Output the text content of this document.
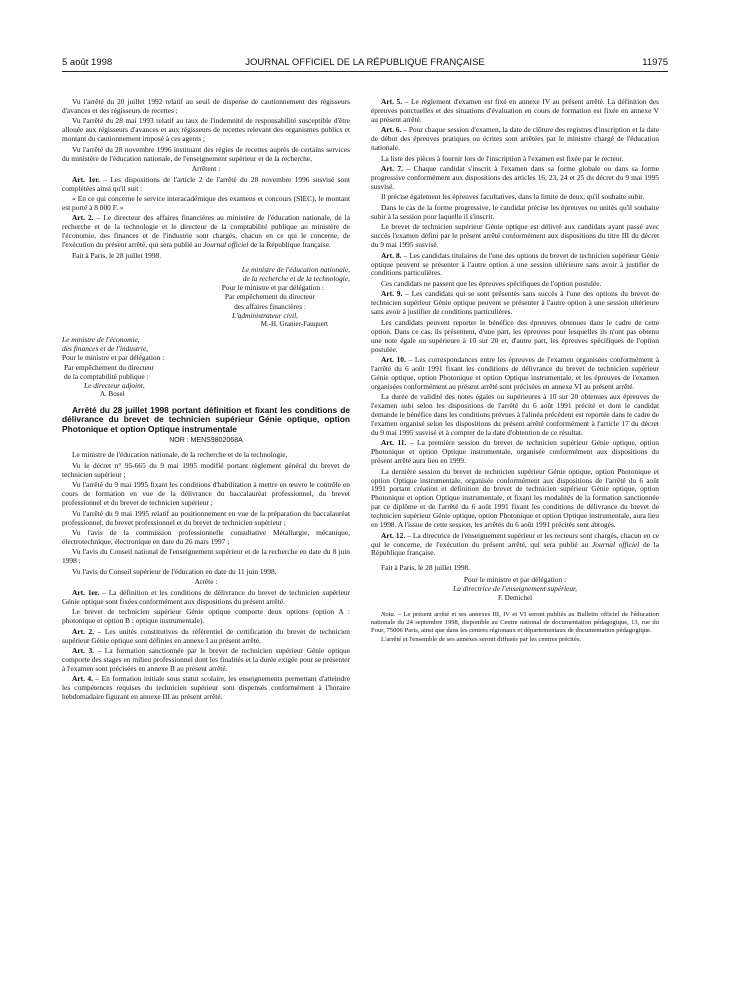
5 août 1998	JOURNAL OFFICIEL DE LA RÉPUBLIQUE FRANÇAISE	11975

Vu l'arrêté du 20 juillet 1992 relatif au seuil de dispense de cautionnement des régisseurs d'avances et des régisseurs de recettes ;

Vu l'arrêté du 28 mai 1993 relatif au taux de l'indemnité de responsabilité susceptible d'être allouée aux régisseurs d'avances et aux régisseurs de recettes relevant des organismes publics et montant du cautionnement imposé à ces agents ;

Vu l'arrêté du 28 novembre 1996 instituant des régies de recettes auprès de certains services du ministère de l'éducation nationale, de l'enseignement supérieur et de la recherche,

Arrêtent :

Art. 1er. – Les dispositions de l'article 2 de l'arrêté du 28 novembre 1996 susvisé sont complétées ainsi qu'il suit :

« En ce qui concerne le service interacadémique des examens et concours (SIEC), le montant est porté à 8 000 F. »

Art. 2. – Le directeur des affaires financières au ministère de l'éducation nationale, de la recherche et de la technologie et le directeur de la comptabilité publique au ministère de l'économie, des finances et de l'industrie sont chargés, chacun en ce qui le concerne, de l'exécution du présent arrêté, qui sera publié au Journal officiel de la République française.

Fait à Paris, le 28 juillet 1998.

Le ministre de l'éducation nationale,
de la recherche et de la technologie,
Pour le ministre et par délégation :
Par empêchement du directeur
des affaires financières :
L'administrateur civil,
M.-H. Granier-Fauquert
Le ministre de l'économie,
des finances et de l'industrie,
Pour le ministre et par délégation :
Par empêchement du directeur
de la comptabilité publique :
Le directeur adjoint,
A. Bosel

Arrêté du 28 juillet 1998 portant définition et fixant les conditions de délivrance du brevet de technicien supérieur Génie optique, option Photonique et option Optique instrumentale

NOR : MENS9802068A

Le ministre de l'éducation nationale, de la recherche et de la technologie,

Vu le décret n° 95-665 du 9 mai 1995 modifié portant règlement général du brevet de technicien supérieur ;

Vu l'arrêté du 9 mai 1995 fixant les conditions d'habilitation à mettre en œuvre le contrôle en cours de formation en vue de la délivrance du baccalauréat professionnel, du brevet professionnel et du brevet de technicien supérieur ;

Vu l'arrêté du 9 mai 1995 relatif au positionnement en vue de la préparation du baccalauréat professionnel, du brevet professionnel et du brevet de technicien supérieur ;

Vu l'avis de la commission professionnelle consultative Métallurgie, mécanique, électrotechnique, électronique en date du 26 mars 1997 ;

Vu l'avis du Conseil national de l'enseignement supérieur et de la recherche en date du 8 juin 1998 ;

Vu l'avis du Conseil supérieur de l'éducation en date du 11 juin 1998,

Arrête :

Art. 1er. – La définition et les conditions de délivrance du brevet de technicien supérieur Génie optique sont fixées conformément aux dispositions du présent arrêté.

Le brevet de technicien supérieur Génie optique comporte deux options (option A : photonique et option B : optique instrumentale).

Art. 2. – Les unités constitutives du référentiel de certification du brevet de technicien supérieur Génie optique sont définies en annexe I au présent arrêté.

Art. 3. – La formation sanctionnée par le brevet de technicien supérieur Génie optique comporte des stages en milieu professionnel dont les finalités et la durée exigée pour se présenter à l'examen sont précisées en annexe II au présent arrêté.

Art. 4. – En formation initiale sous statut scolaire, les enseignements permettant d'atteindre les compétences requises du technicien supérieur sont dispensés conformément à l'horaire hebdomadaire figurant en annexe III au présent arrêté.

Art. 5. – Le règlement d'examen est fixé en annexe IV au présent arrêté. La définition des épreuves ponctuelles et des situations d'évaluation en cours de formation est fixée en annexe V au présent arrêté.

Art. 6. – Pour chaque session d'examen, la date de clôture des registres d'inscription et la date de début des épreuves pratiques ou écrites sont arrêtées par le ministre chargé de l'éducation nationale.

La liste des pièces à fournir lors de l'inscription à l'examen est fixée par le recteur.

Art. 7. – Chaque candidat s'inscrit à l'examen dans sa forme globale ou dans sa forme progressive conformément aux dispositions des articles 16, 23, 24 et 25 du décret du 9 mai 1995 susvisé.

Il précise également les épreuves facultatives, dans la limite de deux, qu'il souhaite subir.

Dans le cas de la forme progressive, le candidat précise les épreuves ou unités qu'il souhaite subir à la session pour laquelle il s'inscrit.

Le brevet de technicien supérieur Génie optique est délivré aux candidats ayant passé avec succès l'examen défini par le présent arrêté conformément aux dispositions du titre III du décret du 9 mai 1995 susvisé.

Art. 8. – Les candidats titulaires de l'une des options du brevet de technicien supérieur Génie optique peuvent se présenter à l'autre option à une session ultérieure sans avoir à justifier de conditions particulières.

Ces candidats ne passent que les épreuves spécifiques de l'option postulée.

Art. 9. – Les candidats qui se sont présentés sans succès à l'une des options du brevet de technicien supérieur Génie optique peuvent se présenter à l'autre option à une session ultérieure sans avoir à justifier de conditions particulières.

Les candidats peuvent reporter le bénéfice des épreuves obtenues dans le cadre de cette option. Dans ce cas, ils présentent, d'une part, les épreuves pour lesquelles ils n'ont pas obtenu une note égale ou supérieure à 10 sur 20 et, d'autre part, les épreuves spécifiques de l'option postulée.

Art. 10. – Les correspondances entre les épreuves de l'examen organisées conformément à l'arrêté du 6 août 1991 fixant les conditions de délivrance du brevet de technicien supérieur Génie optique, option Photonique et option Optique instrumentale, et les épreuves de l'examen organisées conformément au présent arrêté sont précisées en annexe VI au présent arrêté.

La durée de validité des notes égales ou supérieures à 10 sur 20 obtenues aux épreuves de l'examen subi selon les dispositions de l'arrêté du 6 août 1991 précité et dont le candidat demande le bénéfice dans les conditions prévues à l'alinéa précédent est reportée dans le cadre de l'examen organisé selon les dispositions du présent arrêté conformément à l'article 17 du décret du 9 mai 1995 susvisé et à compter de la date d'obtention de ce résultat.

Art. 11. – La première session du brevet de technicien supérieur Génie optique, option Photonique et option Optique instrumentale, organisée conformément aux dispositions du présent arrêté aura lieu en 1999.

La dernière session du brevet de technicien supérieur Génie optique, option Photonique et option Optique instrumentale, organisée conformément aux dispositions de l'arrêté du 6 août 1991 portant création et définition du brevet de technicien supérieur Génie optique, option Photonique et option Optique instrumentale, et fixant les modalités de la formation sanctionnée par ce diplôme et de l'arrêté du 6 août 1991 fixant les conditions de délivrance du brevet de technicien supérieur Génie optique, option Photonique et option Optique instrumentale, aura lieu en 1998. A l'issue de cette session, les arrêtés du 6 août 1991 précités sont abrogés.

Art. 12. – La directrice de l'enseignement supérieur et les recteurs sont chargés, chacun en ce qui le concerne, de l'exécution du présent arrêté, qui sera publié au Journal officiel de la République française.

Fait à Paris, le 28 juillet 1998.

Pour le ministre et par délégation :
La directrice de l'enseignement supérieur,
F. Demichel

Nota. – Le présent arrêté et ses annexes III, IV et VI seront publiés au Bulletin officiel de l'éducation nationale du 24 septembre 1998, disponible au Centre national de documentation pédagogique, 13, rue du Four, 75006 Paris, ainsi que dans les centres régionaux et départementaux de documentation pédagogique.

L'arrêté et l'ensemble de ses annexes seront diffusés par les centres précités.
